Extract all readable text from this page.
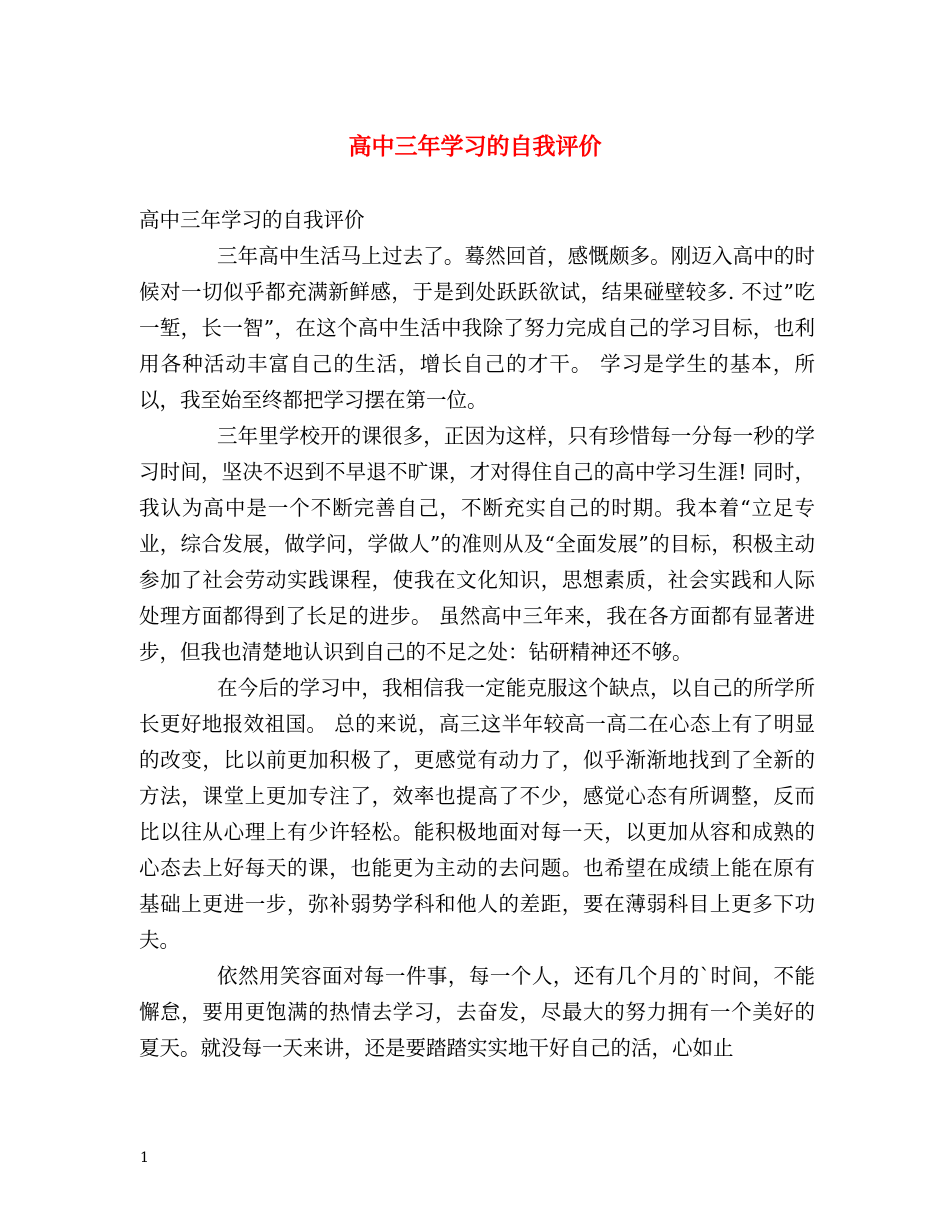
高中三年学习的自我评价

高中三年学习的自我评价

三年高中生活马上过去了。蓦然回首，感慨颇多。刚迈入高中的时候对一切似乎都充满新鲜感，于是到处跃跃欲试，结果碰壁较多. 不过”吃一堑，长一智”，在这个高中生活中我除了努力完成自己的学习目标，也利用各种活动丰富自己的生活，增长自己的才干。 学习是学生的基本，所以，我至始至终都把学习摆在第一位。

三年里学校开的课很多，正因为这样，只有珍惜每一分每一秒的学习时间，坚决不迟到不早退不旷课，才对得住自己的高中学习生涯! 同时，我认为高中是一个不断完善自己，不断充实自己的时期。我本着“立足专业，综合发展，做学问，学做人”的准则从及“全面发展”的目标，积极主动参加了社会劳动实践课程，使我在文化知识，思想素质，社会实践和人际处理方面都得到了长足的进步。 虽然高中三年来，我在各方面都有显著进步，但我也清楚地认识到自己的不足之处：钻研精神还不够。

在今后的学习中，我相信我一定能克服这个缺点，以自己的所学所长更好地报效祖国。 总的来说，高三这半年较高一高二在心态上有了明显的改变，比以前更加积极了，更感觉有动力了，似乎渐渐地找到了全新的方法，课堂上更加专注了，效率也提高了不少，感觉心态有所调整，反而比以往从心理上有少许轻松。能积极地面对每一天，以更加从容和成熟的心态去上好每天的课，也能更为主动的去问题。也希望在成绩上能在原有基础上更进一步，弥补弱势学科和他人的差距，要在薄弱科目上更多下功夫。

依然用笑容面对每一件事，每一个人，还有几个月的`时间，不能懈怠，要用更饱满的热情去学习，去奋发，尽最大的努力拥有一个美好的夏天。就没每一天来讲，还是要踏踏实实地干好自己的活，心如止

1
